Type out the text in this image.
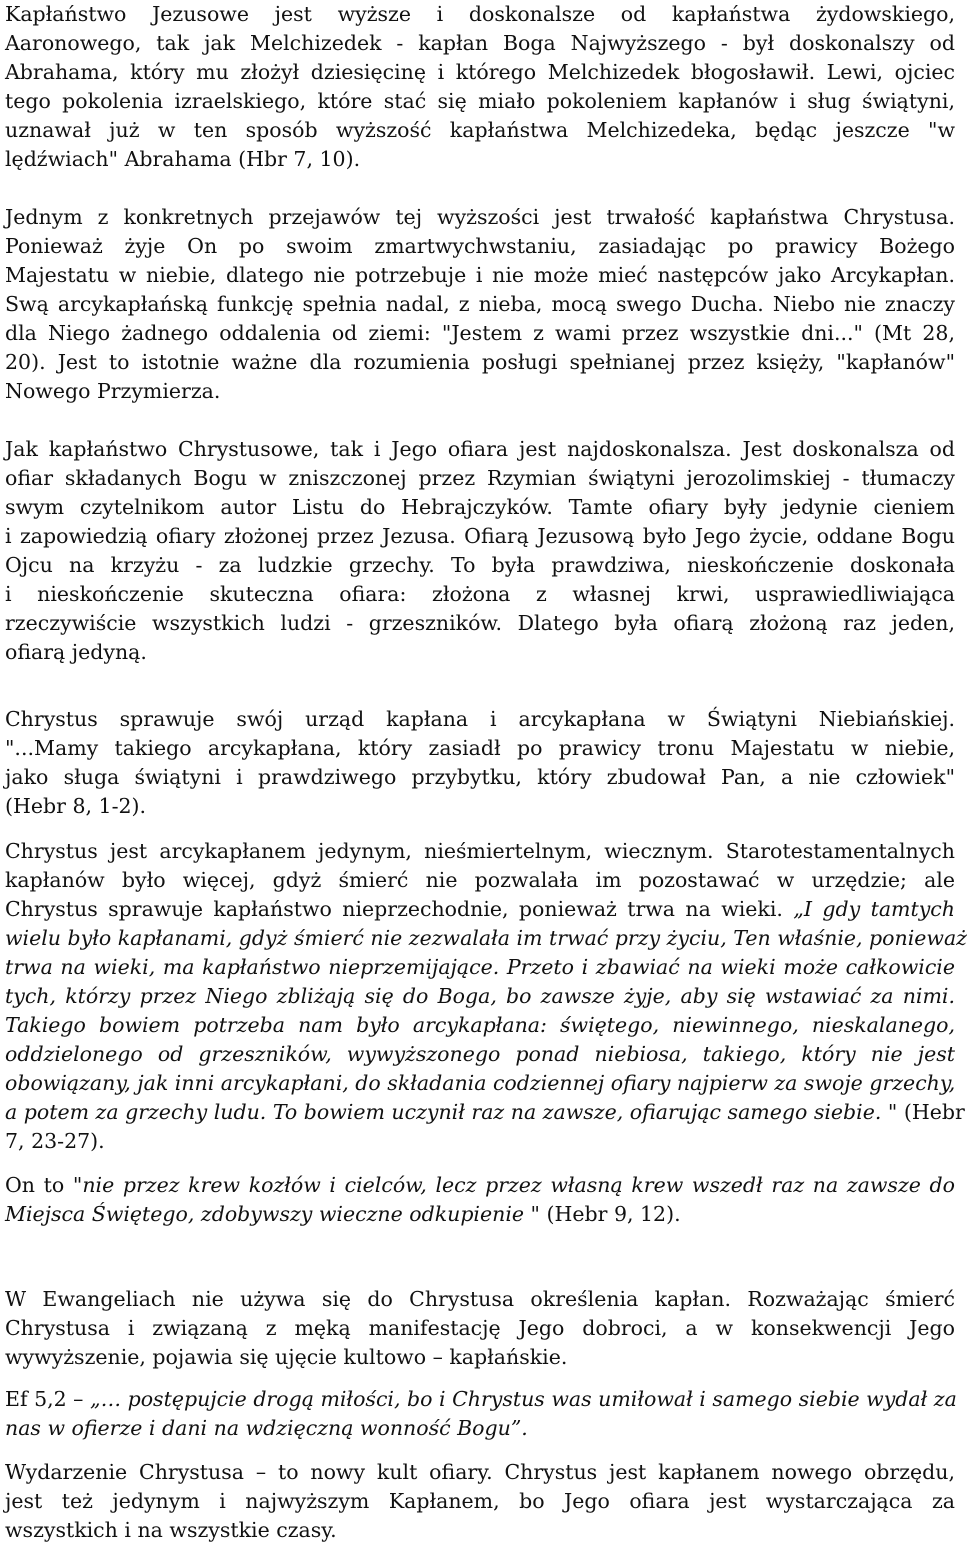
Kapłaństwo Jezusowe jest wyższe i doskonalsze od kapłaństwa żydowskiego,
Aaronowego, tak jak Melchizedek - kapłan Boga Najwyższego - był doskonalszy od
Abrahama, który mu złożył dziesięcinę i którego Melchizedek błogosławił. Lewi, ojciec
tego pokolenia izraelskiego, które stać się miało pokoleniem kapłanów i sług świątyni,
uznawał już w ten sposób wyższość kapłaństwa Melchizedeka, będąc jeszcze "w
lędźwiach" Abrahama (Hbr 7, 10).
Jednym z konkretnych przejawów tej wyższości jest trwałość kapłaństwa Chrystusa.
Ponieważ żyje On po swoim zmartwychwstaniu, zasiadając po prawicy Bożego
Majestatu w niebie, dlatego nie potrzebuje i nie może mieć następców jako Arcykapłan.
Swą arcykapłańską funkcję spełnia nadal, z nieba, mocą swego Ducha. Niebo nie znaczy
dla Niego żadnego oddalenia od ziemi: "Jestem z wami przez wszystkie dni..." (Mt 28,
20). Jest to istotnie ważne dla rozumienia posługi spełnianej przez księży, "kapłanów"
Nowego Przymierza.
Jak kapłaństwo Chrystusowe, tak i Jego ofiara jest najdoskonalsza. Jest doskonalsza od
ofiar składanych Bogu w zniszczonej przez Rzymian świątyni jerozolimskiej - tłumaczy
swym czytelnikom autor Listu do Hebrajczyków. Tamte ofiary były jedynie cieniem
i zapowiedzią ofiary złożonej przez Jezusa. Ofiarą Jezusową było Jego życie, oddane Bogu
Ojcu na krzyżu - za ludzkie grzechy. To była prawdziwa, nieskończenie doskonała
i nieskończenie skuteczna ofiara: złożona z własnej krwi, usprawiedliwiająca
rzeczywiście wszystkich ludzi - grzeszników. Dlatego była ofiarą złożoną raz jeden,
ofiarą jedyną.
Chrystus sprawuje swój urząd kapłana i arcykapłana w Świątyni Niebiańskiej.
"...Mamy takiego arcykapłana, który zasiadł po prawicy tronu Majestatu w niebie,
jako sługa świątyni i prawdziwego przybytku, który zbudował Pan, a nie człowiek"
(Hebr 8, 1-2).
Chrystus jest arcykapłanem jedynym, nieśmiertelnym, wiecznym. Starotestamentalnych
kapłanów było więcej, gdyż śmierć nie pozwalała im pozostawać w urzędzie; ale
Chrystus sprawuje kapłaństwo nieprzechodnie, ponieważ trwa na wieki. „I gdy tamtych
wielu było kapłanami, gdyż śmierć nie zezwalała im trwać przy życiu, Ten właśnie, ponieważ
trwa na wieki, ma kapłaństwo nieprzemijające. Przeto i zbawiać na wieki może całkowicie
tych, którzy przez Niego zbliżają się do Boga, bo zawsze żyje, aby się wstawiać za nimi.
Takiego bowiem potrzeba nam było arcykapłana: świętego, niewinnego, nieskalanego,
oddzielonego od grzeszników, wywyższonego ponad niebiosa, takiego, który nie jest
obowiązany, jak inni arcykapłani, do składania codziennej ofiary najpierw za swoje grzechy,
a potem za grzechy ludu. To bowiem uczynił raz na zawsze, ofiarując samego siebie. " (Hebr
7, 23-27).
On to "nie przez krew kozłów i cielców, lecz przez własną krew wszedł raz na zawsze do
Miejsca Świętego, zdobywszy wieczne odkupienie " (Hebr 9, 12).
W Ewangeliach nie używa się do Chrystusa określenia kapłan. Rozważając śmierć
Chrystusa i związaną z męką manifestację Jego dobroci, a w konsekwencji Jego
wywyższenie, pojawia się ujęcie kultowo – kapłańskie.
Ef 5,2 – „… postępujcie drogą miłości, bo i Chrystus was umiłował i samego siebie wydał za
nas w ofierze i dani na wdzięczną wonność Bogu”.
Wydarzenie Chrystusa – to nowy kult ofiary. Chrystus jest kapłanem nowego obrzędu,
jest też jedynym i najwyższym Kapłanem, bo Jego ofiara jest wystarczająca za
wszystkich i na wszystkie czasy.
